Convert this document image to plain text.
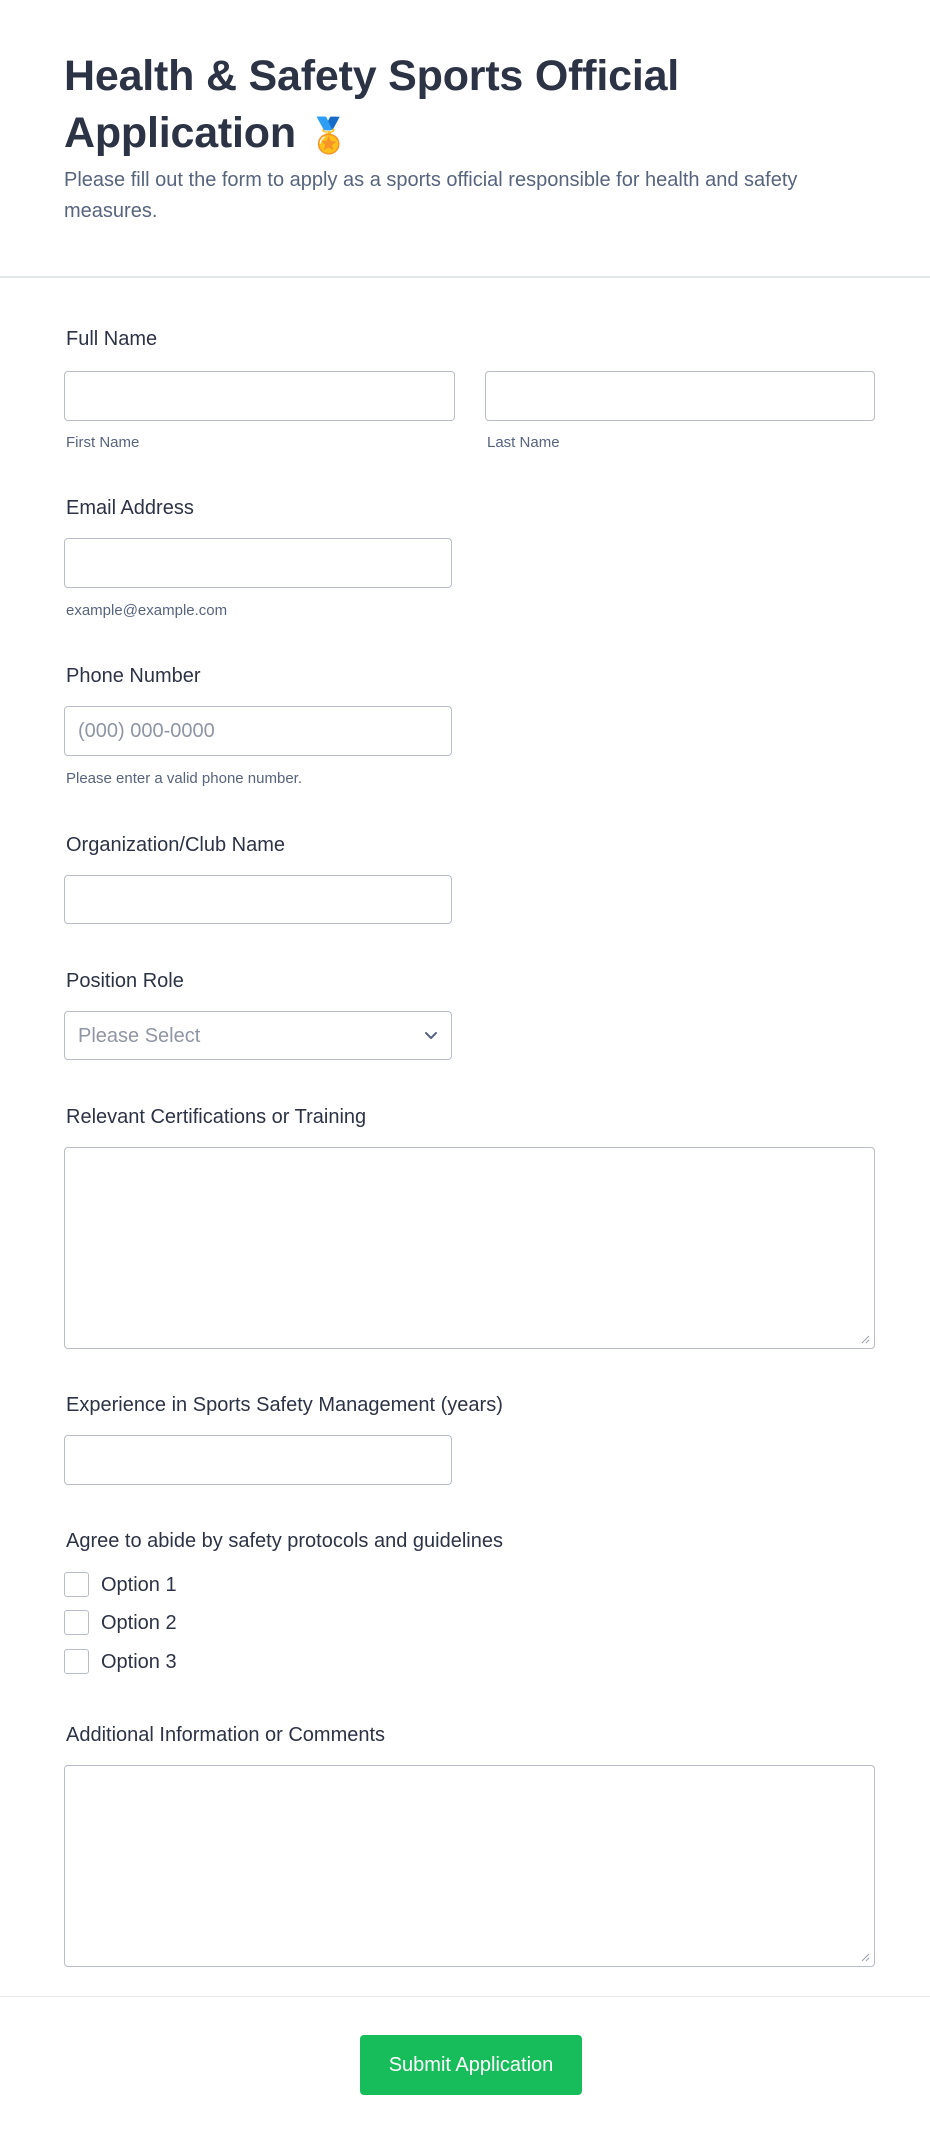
Health & Safety Sports Official Application 🏅

Please fill out the form to apply as a sports official responsible for health and safety measures.

Full Name
First Name	Last Name
Email Address
example@example.com
Phone Number
(000) 000-0000
Please enter a valid phone number.
Organization/Club Name
Position Role
Please Select
Relevant Certifications or Training
Experience in Sports Safety Management (years)
Agree to abide by safety protocols and guidelines
Option 1
Option 2
Option 3
Additional Information or Comments
Submit Application
